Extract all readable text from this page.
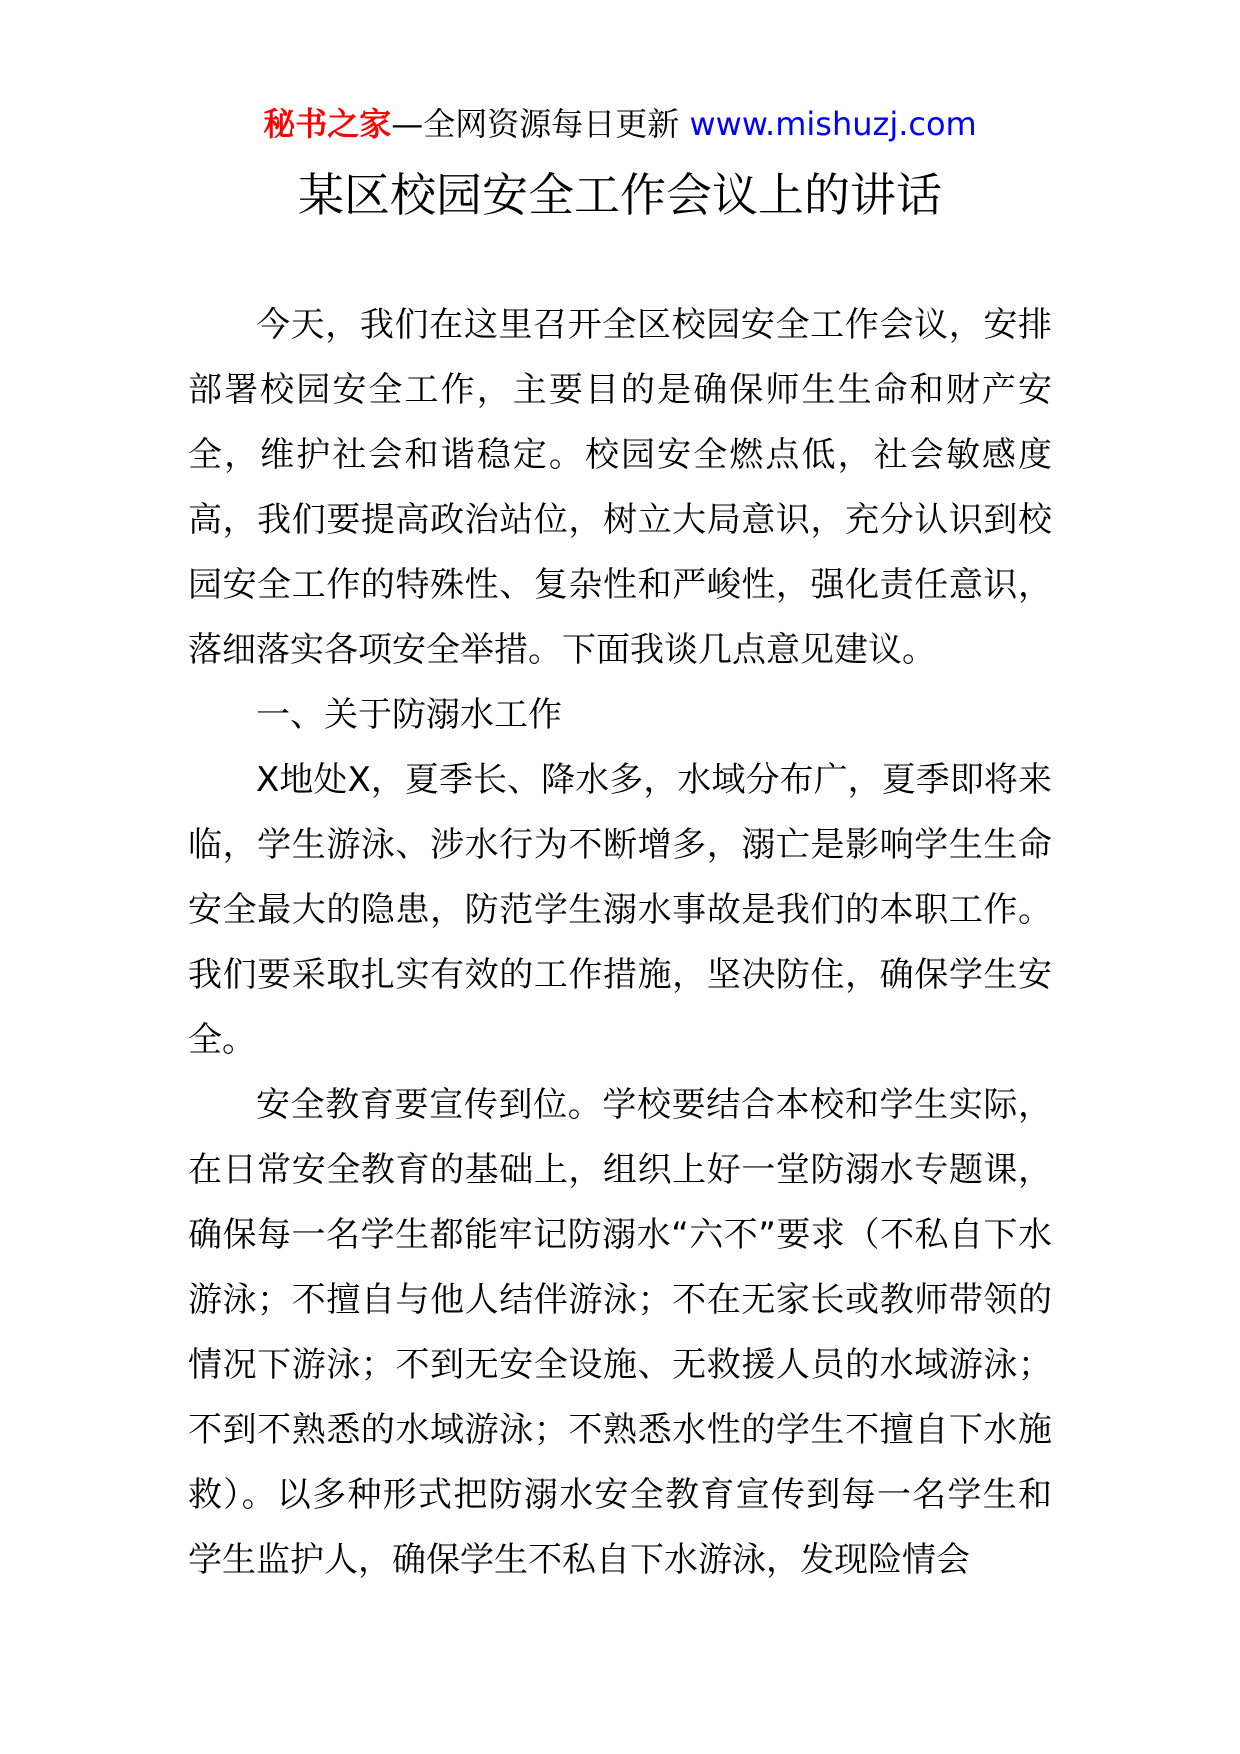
秘书之家—全网资源每日更新 www.mishuzj.com
某区校园安全工作会议上的讲话

今天，我们在这里召开全区校园安全工作会议，安排部署校园安全工作，主要目的是确保师生生命和财产安全，维护社会和谐稳定。校园安全燃点低，社会敏感度高，我们要提高政治站位，树立大局意识，充分认识到校园安全工作的特殊性、复杂性和严峻性，强化责任意识，落细落实各项安全举措。下面我谈几点意见建议。

一、关于防溺水工作

X地处X，夏季长、降水多，水域分布广，夏季即将来临，学生游泳、涉水行为不断增多，溺亡是影响学生生命安全最大的隐患，防范学生溺水事故是我们的本职工作。我们要采取扎实有效的工作措施，坚决防住，确保学生安全。

安全教育要宣传到位。学校要结合本校和学生实际，在日常安全教育的基础上，组织上好一堂防溺水专题课，确保每一名学生都能牢记防溺水“六不”要求（不私自下水游泳；不擅自与他人结伴游泳；不在无家长或教师带领的情况下游泳；不到无安全设施、无救援人员的水域游泳；不到不熟悉的水域游泳；不熟悉水性的学生不擅自下水施救）。以多种形式把防溺水安全教育宣传到每一名学生和学生监护人，确保学生不私自下水游泳，发现险情会
